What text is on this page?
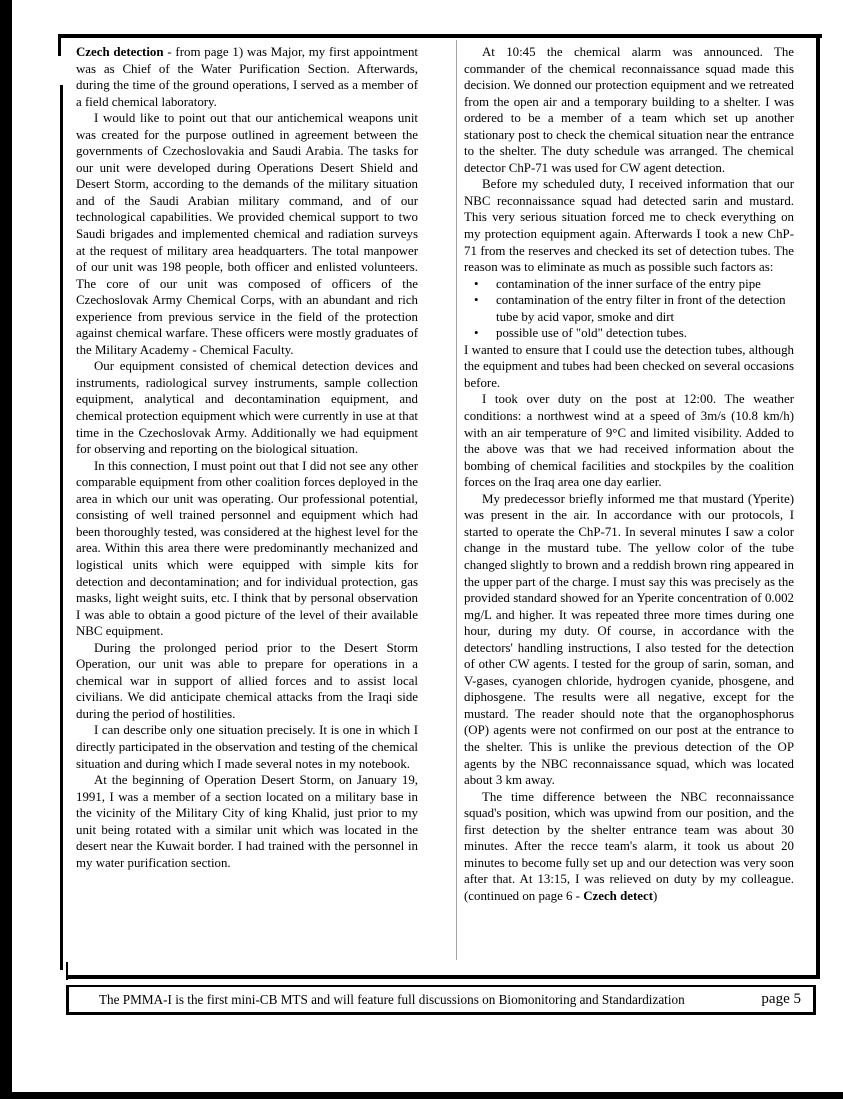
Czech detection - from page 1) was Major, my first appointment was as Chief of the Water Purification Section. Afterwards, during the time of the ground operations, I served as a member of a field chemical laboratory.

I would like to point out that our antichemical weapons unit was created for the purpose outlined in agreement between the governments of Czechoslovakia and Saudi Arabia. The tasks for our unit were developed during Operations Desert Shield and Desert Storm, according to the demands of the military situation and of the Saudi Arabian military command, and of our technological capabilities. We provided chemical support to two Saudi brigades and implemented chemical and radiation surveys at the request of military area headquarters. The total manpower of our unit was 198 people, both officer and enlisted volunteers. The core of our unit was composed of officers of the Czechoslovak Army Chemical Corps, with an abundant and rich experience from previous service in the field of the protection against chemical warfare. These officers were mostly graduates of the Military Academy - Chemical Faculty.

Our equipment consisted of chemical detection devices and instruments, radiological survey instruments, sample collection equipment, analytical and decontamination equipment, and chemical protection equipment which were currently in use at that time in the Czechoslovak Army. Additionally we had equipment for observing and reporting on the biological situation.

In this connection, I must point out that I did not see any other comparable equipment from other coalition forces deployed in the area in which our unit was operating. Our professional potential, consisting of well trained personnel and equipment which had been thoroughly tested, was considered at the highest level for the area. Within this area there were predominantly mechanized and logistical units which were equipped with simple kits for detection and decontamination; and for individual protection, gas masks, light weight suits, etc. I think that by personal observation I was able to obtain a good picture of the level of their available NBC equipment.

During the prolonged period prior to the Desert Storm Operation, our unit was able to prepare for operations in a chemical war in support of allied forces and to assist local civilians. We did anticipate chemical attacks from the Iraqi side during the period of hostilities.

I can describe only one situation precisely. It is one in which I directly participated in the observation and testing of the chemical situation and during which I made several notes in my notebook.

At the beginning of Operation Desert Storm, on January 19, 1991, I was a member of a section located on a military base in the vicinity of the Military City of king Khalid, just prior to my unit being rotated with a similar unit which was located in the desert near the Kuwait border. I had trained with the personnel in my water purification section.

At 10:45 the chemical alarm was announced. The commander of the chemical reconnaissance squad made this decision. We donned our protection equipment and we retreated from the open air and a temporary building to a shelter. I was ordered to be a member of a team which set up another stationary post to check the chemical situation near the entrance to the shelter. The duty schedule was arranged. The chemical detector ChP-71 was used for CW agent detection.

Before my scheduled duty, I received information that our NBC reconnaissance squad had detected sarin and mustard. This very serious situation forced me to check everything on my protection equipment again. Afterwards I took a new ChP-71 from the reserves and checked its set of detection tubes. The reason was to eliminate as much as possible such factors as:

• contamination of the inner surface of the entry pipe
• contamination of the entry filter in front of the detection tube by acid vapor, smoke and dirt
• possible use of "old" detection tubes.

I wanted to ensure that I could use the detection tubes, although the equipment and tubes had been checked on several occasions before.

I took over duty on the post at 12:00. The weather conditions: a northwest wind at a speed of 3m/s (10.8 km/h) with an air temperature of 9°C and limited visibility. Added to the above was that we had received information about the bombing of chemical facilities and stockpiles by the coalition forces on the Iraq area one day earlier.

My predecessor briefly informed me that mustard (Yperite) was present in the air. In accordance with our protocols, I started to operate the ChP-71. In several minutes I saw a color change in the mustard tube. The yellow color of the tube changed slightly to brown and a reddish brown ring appeared in the upper part of the charge. I must say this was precisely as the provided standard showed for an Yperite concentration of 0.002 mg/L and higher. It was repeated three more times during one hour, during my duty. Of course, in accordance with the detectors' handling instructions, I also tested for the detection of other CW agents. I tested for the group of sarin, soman, and V-gases, cyanogen chloride, hydrogen cyanide, phosgene, and diphosgene. The results were all negative, except for the mustard. The reader should note that the organophosphorus (OP) agents were not confirmed on our post at the entrance to the shelter. This is unlike the previous detection of the OP agents by the NBC reconnaissance squad, which was located about 3 km away.

The time difference between the NBC reconnaissance squad's position, which was upwind from our position, and the first detection by the shelter entrance team was about 30 minutes. After the recce team's alarm, it took us about 20 minutes to become fully set up and our detection was very soon after that. At 13:15, I was relieved on duty by my colleague. (continued on page 6 - Czech detect)

The PMMA-I is the first mini-CB MTS and will feature full discussions on Biomonitoring and Standardization	page 5
